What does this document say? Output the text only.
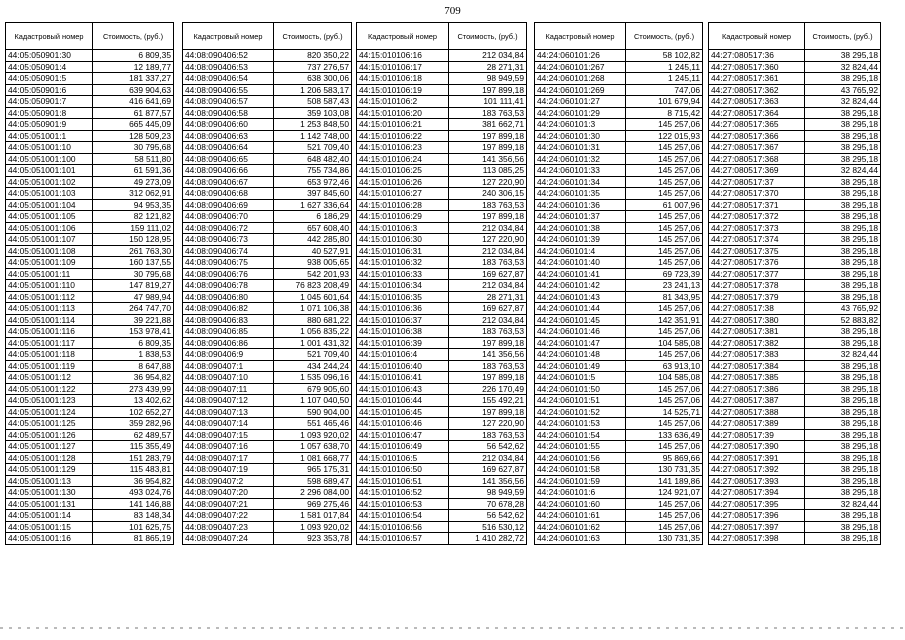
709
Кадастровый номер	Стоимость, (руб.)
44:05:050901:30	6 809,35
44:05:050901:4	12 189,77
44:05:050901:5	181 337,27
44:05:050901:6	639 904,63
44:05:050901:7	416 641,69
44:05:050901:8	61 877,57
44:05:050901:9	665 445,09
44:05:051001:1	128 509,23
44:05:051001:10	30 795,68
44:05:051001:100	58 511,80
44:05:051001:101	61 591,36
44:05:051001:102	49 273,09
44:05:051001:103	312 062,91
44:05:051001:104	94 953,35
44:05:051001:105	82 121,82
44:05:051001:106	159 111,02
44:05:051001:107	150 128,95
44:05:051001:108	261 763,30
44:05:051001:109	160 137,55
44:05:051001:11	30 795,68
44:05:051001:110	147 819,27
44:05:051001:112	47 989,94
44:05:051001:113	264 747,70
44:05:051001:114	39 221,88
44:05:051001:116	153 978,41
44:05:051001:117	6 809,35
44:05:051001:118	1 838,53
44:05:051001:119	8 647,88
44:05:051001:12	36 954,82
44:05:051001:122	273 439,99
44:05:051001:123	13 402,62
44:05:051001:124	102 652,27
44:05:051001:125	359 282,96
44:05:051001:126	62 489,57
44:05:051001:127	115 355,49
44:05:051001:128	151 283,79
44:05:051001:129	115 483,81
44:05:051001:13	36 954,82
44:05:051001:130	493 024,76
44:05:051001:131	141 146,88
44:05:051001:14	83 148,34
44:05:051001:15	101 625,75
44:05:051001:16	81 865,19
Кадастровый номер	Стоимость, (руб.)
44:08:090406:52	820 350,22
44:08:090406:53	737 276,57
44:08:090406:54	638 300,06
44:08:090406:55	1 206 583,17
44:08:090406:57	508 587,43
44:08:090406:58	359 103,08
44:08:090406:60	1 253 848,50
44:08:090406:63	1 142 748,00
44:08:090406:64	521 709,40
44:08:090406:65	648 482,40
44:08:090406:66	755 734,86
44:08:090406:67	653 972,46
44:08:090406:68	397 845,60
44:08:090406:69	1 627 336,64
44:08:090406:70	6 186,29
44:08:090406:72	657 608,40
44:08:090406:73	442 285,80
44:08:090406:74	40 527,91
44:08:090406:75	938 005,65
44:08:090406:76	542 201,93
44:08:090406:78	76 823 208,49
44:08:090406:80	1 045 601,64
44:08:090406:82	1 071 106,38
44:08:090406:83	880 681,22
44:08:090406:85	1 056 835,22
44:08:090406:86	1 001 431,32
44:08:090406:9	521 709,40
44:08:090407:1	434 244,24
44:08:090407:10	1 535 096,16
44:08:090407:11	679 905,60
44:08:090407:12	1 107 040,50
44:08:090407:13	590 904,00
44:08:090407:14	551 465,46
44:08:090407:15	1 093 920,02
44:08:090407:16	1 057 638,70
44:08:090407:17	1 081 668,77
44:08:090407:19	965 175,31
44:08:090407:2	598 689,47
44:08:090407:20	2 296 084,00
44:08:090407:21	969 275,46
44:08:090407:22	1 581 017,84
44:08:090407:23	1 093 920,02
44:08:090407:24	923 353,78
Кадастровый номер	Стоимость, (руб.)
44:15:010106:16	212 034,84
44:15:010106:17	28 271,31
44:15:010106:18	98 949,59
44:15:010106:19	197 899,18
44:15:010106:2	101 111,41
44:15:010106:20	183 763,53
44:15:010106:21	381 662,71
44:15:010106:22	197 899,18
44:15:010106:23	197 899,18
44:15:010106:24	141 356,56
44:15:010106:25	113 085,25
44:15:010106:26	127 220,90
44:15:010106:27	240 306,15
44:15:010106:28	183 763,53
44:15:010106:29	197 899,18
44:15:010106:3	212 034,84
44:15:010106:30	127 220,90
44:15:010106:31	212 034,84
44:15:010106:32	183 763,53
44:15:010106:33	169 627,87
44:15:010106:34	212 034,84
44:15:010106:35	28 271,31
44:15:010106:36	169 627,87
44:15:010106:37	212 034,84
44:15:010106:38	183 763,53
44:15:010106:39	197 899,18
44:15:010106:4	141 356,56
44:15:010106:40	183 763,53
44:15:010106:41	197 899,18
44:15:010106:43	226 170,49
44:15:010106:44	155 492,21
44:15:010106:45	197 899,18
44:15:010106:46	127 220,90
44:15:010106:47	183 763,53
44:15:010106:49	56 542,62
44:15:010106:5	212 034,84
44:15:010106:50	169 627,87
44:15:010106:51	141 356,56
44:15:010106:52	98 949,59
44:15:010106:53	70 678,28
44:15:010106:54	56 542,62
44:15:010106:56	516 530,12
44:15:010106:57	1 410 282,72
Кадастровый номер	Стоимость, (руб.)
44:24:060101:26	58 102,82
44:24:060101:267	1 245,11
44:24:060101:268	1 245,11
44:24:060101:269	747,06
44:24:060101:27	101 679,94
44:24:060101:29	8 715,42
44:24:060101:3	145 257,06
44:24:060101:30	122 015,93
44:24:060101:31	145 257,06
44:24:060101:32	145 257,06
44:24:060101:33	145 257,06
44:24:060101:34	145 257,06
44:24:060101:35	145 257,06
44:24:060101:36	61 007,96
44:24:060101:37	145 257,06
44:24:060101:38	145 257,06
44:24:060101:39	145 257,06
44:24:060101:4	145 257,06
44:24:060101:40	145 257,06
44:24:060101:41	69 723,39
44:24:060101:42	23 241,13
44:24:060101:43	81 343,95
44:24:060101:44	145 257,06
44:24:060101:45	142 351,91
44:24:060101:46	145 257,06
44:24:060101:47	104 585,08
44:24:060101:48	145 257,06
44:24:060101:49	63 913,10
44:24:060101:5	104 585,08
44:24:060101:50	145 257,06
44:24:060101:51	145 257,06
44:24:060101:52	14 525,71
44:24:060101:53	145 257,06
44:24:060101:54	133 636,49
44:24:060101:55	145 257,06
44:24:060101:56	95 869,66
44:24:060101:58	130 731,35
44:24:060101:59	141 189,86
44:24:060101:6	124 921,07
44:24:060101:60	145 257,06
44:24:060101:61	145 257,06
44:24:060101:62	145 257,06
44:24:060101:63	130 731,35
Кадастровый номер	Стоимость, (руб.)
44:27:080517:36	38 295,18
44:27:080517:360	32 824,44
44:27:080517:361	38 295,18
44:27:080517:362	43 765,92
44:27:080517:363	32 824,44
44:27:080517:364	38 295,18
44:27:080517:365	38 295,18
44:27:080517:366	38 295,18
44:27:080517:367	38 295,18
44:27:080517:368	38 295,18
44:27:080517:369	32 824,44
44:27:080517:37	38 295,18
44:27:080517:370	38 295,18
44:27:080517:371	38 295,18
44:27:080517:372	38 295,18
44:27:080517:373	38 295,18
44:27:080517:374	38 295,18
44:27:080517:375	38 295,18
44:27:080517:376	38 295,18
44:27:080517:377	38 295,18
44:27:080517:378	38 295,18
44:27:080517:379	38 295,18
44:27:080517:38	43 765,92
44:27:080517:380	52 883,82
44:27:080517:381	38 295,18
44:27:080517:382	38 295,18
44:27:080517:383	32 824,44
44:27:080517:384	38 295,18
44:27:080517:385	38 295,18
44:27:080517:386	38 295,18
44:27:080517:387	38 295,18
44:27:080517:388	38 295,18
44:27:080517:389	38 295,18
44:27:080517:39	38 295,18
44:27:080517:390	38 295,18
44:27:080517:391	38 295,18
44:27:080517:392	38 295,18
44:27:080517:393	38 295,18
44:27:080517:394	38 295,18
44:27:080517:395	32 824,44
44:27:080517:396	38 295,18
44:27:080517:397	38 295,18
44:27:080517:398	38 295,18
